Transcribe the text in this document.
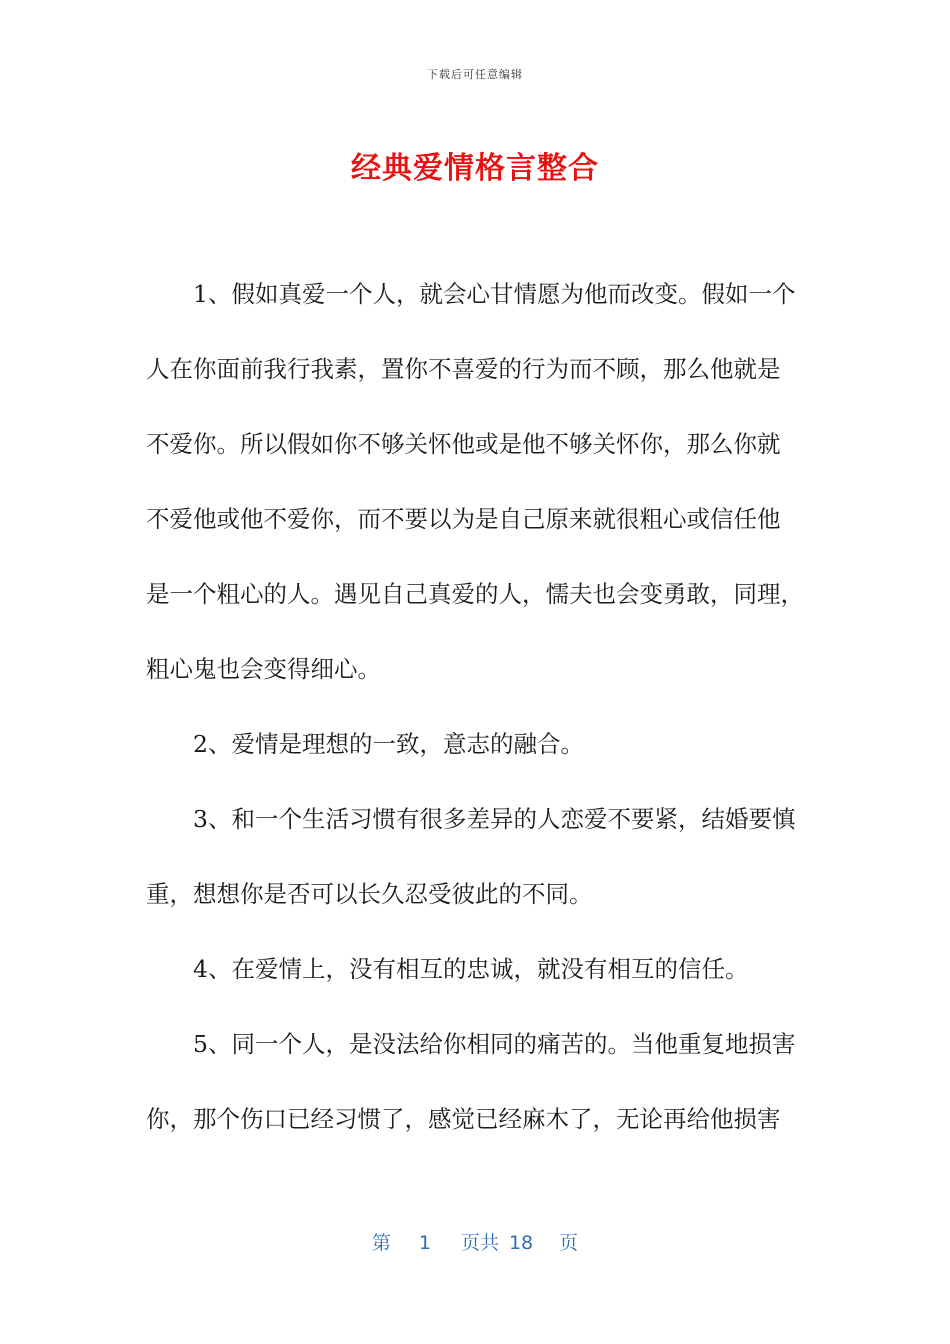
下载后可任意编辑
经典爱情格言整合
　　1、假如真爱一个人，就会心甘情愿为他而改变。假如一个
人在你面前我行我素，置你不喜爱的行为而不顾，那么他就是
不爱你。所以假如你不够关怀他或是他不够关怀你，那么你就
不爱他或他不爱你，而不要以为是自己原来就很粗心或信任他
是一个粗心的人。遇见自己真爱的人，懦夫也会变勇敢，同理，
粗心鬼也会变得细心。
　　2、爱情是理想的一致，意志的融合。
　　3、和一个生活习惯有很多差异的人恋爱不要紧，结婚要慎
重，想想你是否可以长久忍受彼此的不同。
　　4、在爱情上，没有相互的忠诚，就没有相互的信任。
　　5、同一个人，是没法给你相同的痛苦的。当他重复地损害
你，那个伤口已经习惯了，感觉已经麻木了，无论再给他损害
第 1 页共 18 页
